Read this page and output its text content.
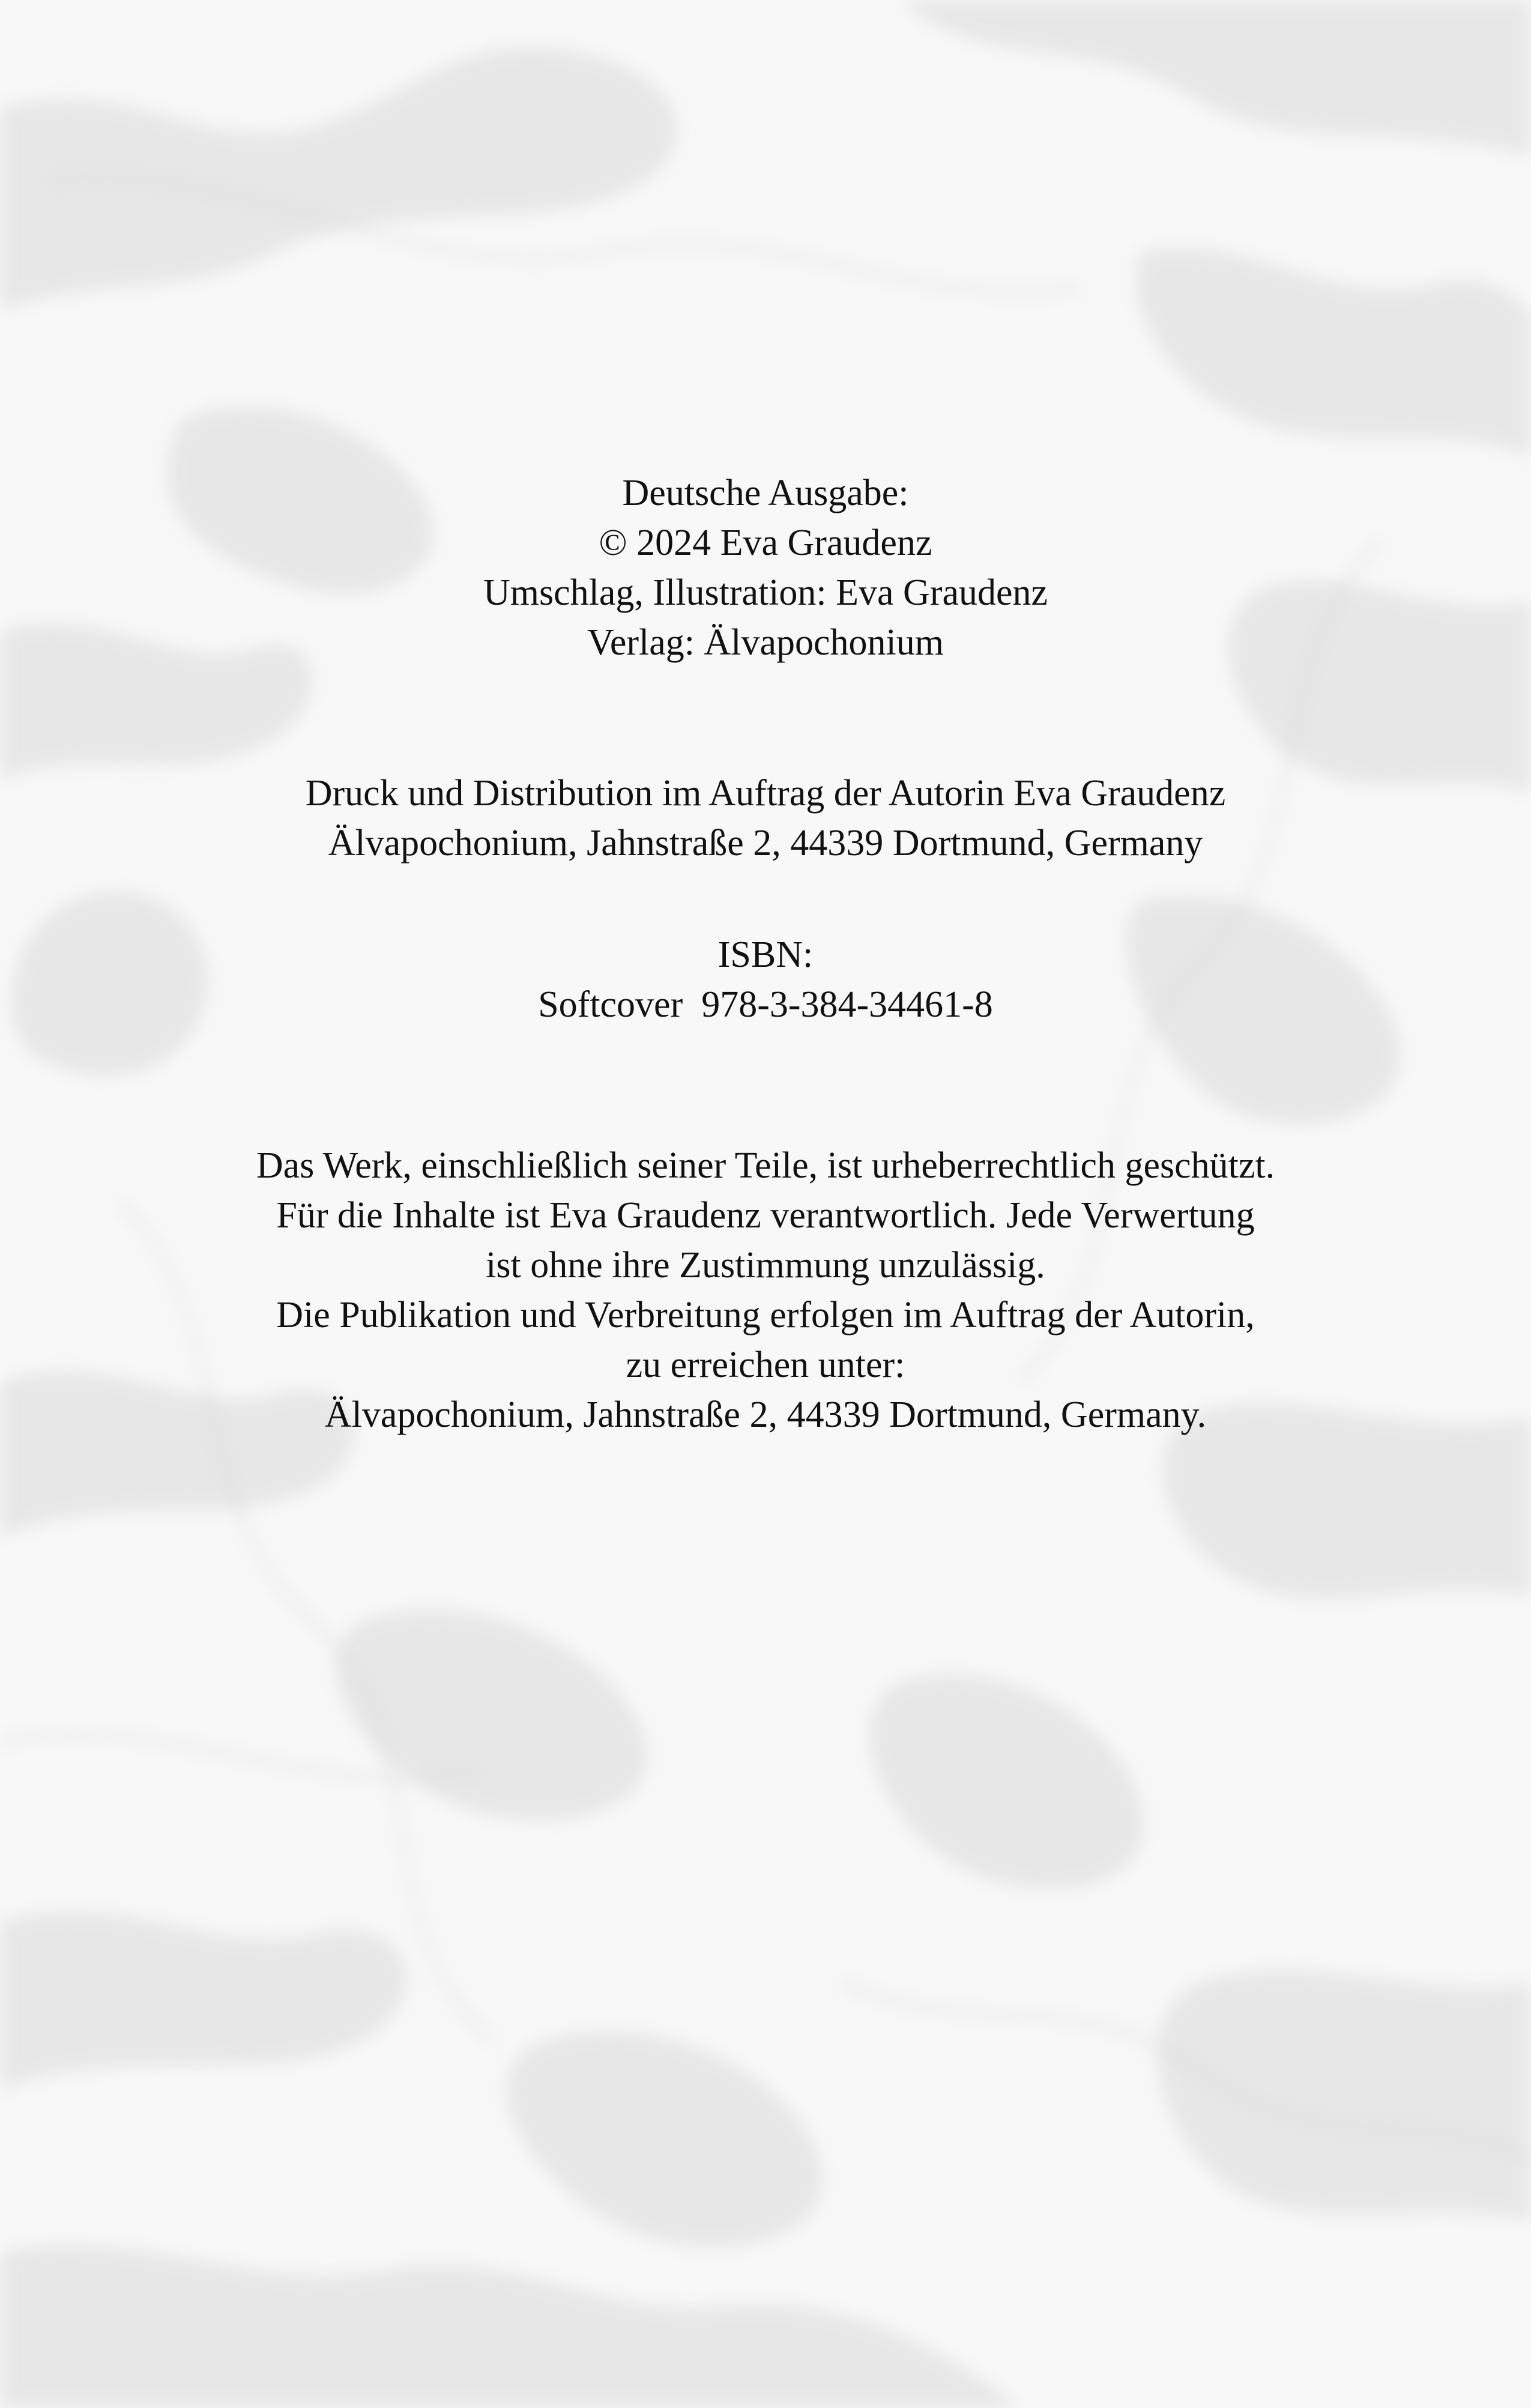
Deutsche Ausgabe:
© 2024 Eva Graudenz
Umschlag, Illustration: Eva Graudenz
Verlag: Älvapochonium
Druck und Distribution im Auftrag der Autorin Eva Graudenz
Älvapochonium, Jahnstraße 2, 44339 Dortmund, Germany
ISBN:
Softcover  978-3-384-34461-8
Das Werk, einschließlich seiner Teile, ist urheberrechtlich geschützt.
Für die Inhalte ist Eva Graudenz verantwortlich. Jede Verwertung
ist ohne ihre Zustimmung unzulässig.
Die Publikation und Verbreitung erfolgen im Auftrag der Autorin,
zu erreichen unter:
Älvapochonium, Jahnstraße 2, 44339 Dortmund, Germany.
